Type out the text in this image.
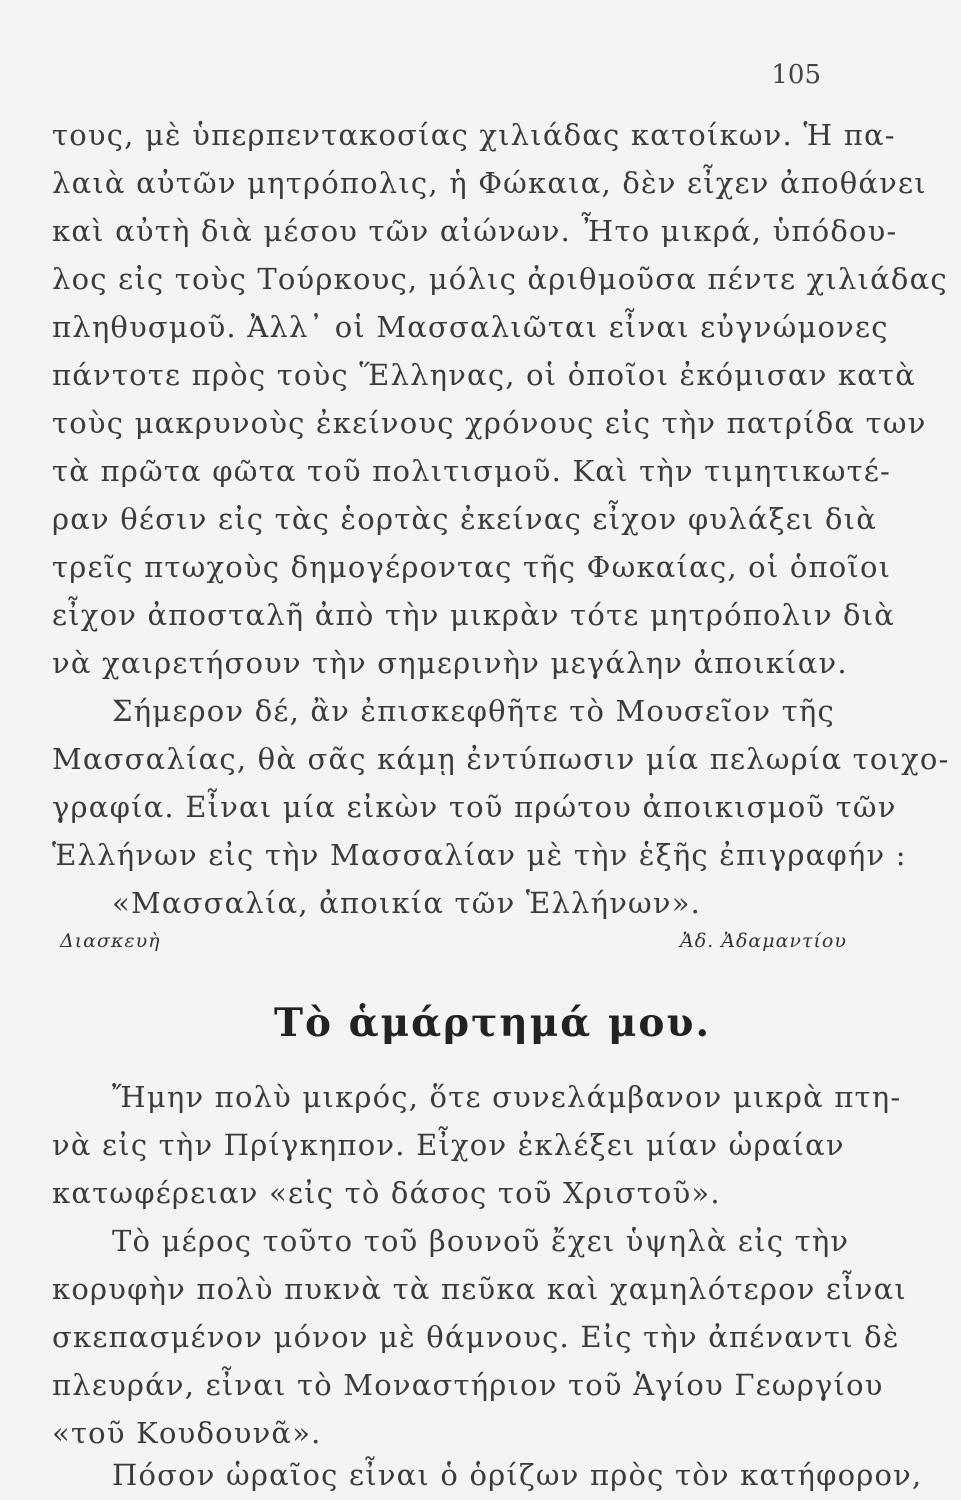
105
τους, μὲ ὑπερπεντακοσίας χιλιάδας κατοίκων. Ἡ πα-
λαιὰ αὐτῶν μητρόπολις, ἡ Φώκαια, δὲν εἶχεν ἀποθάνει
καὶ αὐτὴ διὰ μέσου τῶν αἰώνων. Ἦτο μικρά, ὑπόδου-
λος εἰς τοὺς Τούρκους, μόλις ἀριθμοῦσα πέντε χιλιάδας
πληθυσμοῦ. Ἀλλ᾽ οἱ Μασσαλιῶται εἶναι εὐγνώμονες
πάντοτε πρὸς τοὺς Ἕλληνας, οἱ ὁποῖοι ἐκόμισαν κατὰ
τοὺς μακρυνοὺς ἐκείνους χρόνους εἰς τὴν πατρίδα των
τὰ πρῶτα φῶτα τοῦ πολιτισμοῦ. Καὶ τὴν τιμητικωτέ-
ραν θέσιν εἰς τὰς ἑορτὰς ἐκείνας εἶχον φυλάξει διὰ
τρεῖς πτωχοὺς δημογέροντας τῆς Φωκαίας, οἱ ὁποῖοι
εἶχον ἀποσταλῆ ἀπὸ τὴν μικρὰν τότε μητρόπολιν διὰ
νὰ χαιρετήσουν τὴν σημερινὴν μεγάλην ἀποικίαν.
Σήμερον δέ, ἂν ἐπισκεφθῆτε τὸ Μουσεῖον τῆς
Μασσαλίας, θὰ σᾶς κάμῃ ἐντύπωσιν μία πελωρία τοιχο-
γραφία. Εἶναι μία εἰκὼν τοῦ πρώτου ἀποικισμοῦ τῶν
Ἑλλήνων εἰς τὴν Μασσαλίαν μὲ τὴν ἑξῆς ἐπιγραφήν :
«Μασσαλία, ἀποικία τῶν Ἑλλήνων».
Διασκευὴ	Ἀδ. Ἀδαμαντίου
Τὸ ἁμάρτημά μου.
Ἤμην πολὺ μικρός, ὅτε συνελάμβανον μικρὰ πτη-
νὰ εἰς τὴν Πρίγκηπον. Εἶχον ἐκλέξει μίαν ὡραίαν
κατωφέρειαν «εἰς τὸ δάσος τοῦ Χριστοῦ».
Τὸ μέρος τοῦτο τοῦ βουνοῦ ἔχει ὑψηλὰ εἰς τὴν
κορυφὴν πολὺ πυκνὰ τὰ πεῦκα καὶ χαμηλότερον εἶναι
σκεπασμένον μόνον μὲ θάμνους. Εἰς τὴν ἀπέναντι δὲ
πλευράν, εἶναι τὸ Μοναστήριον τοῦ Ἁγίου Γεωργίου
«τοῦ Κουδουνᾶ».
Πόσον ὡραῖος εἶναι ὁ ὁρίζων πρὸς τὸν κατήφορον,
